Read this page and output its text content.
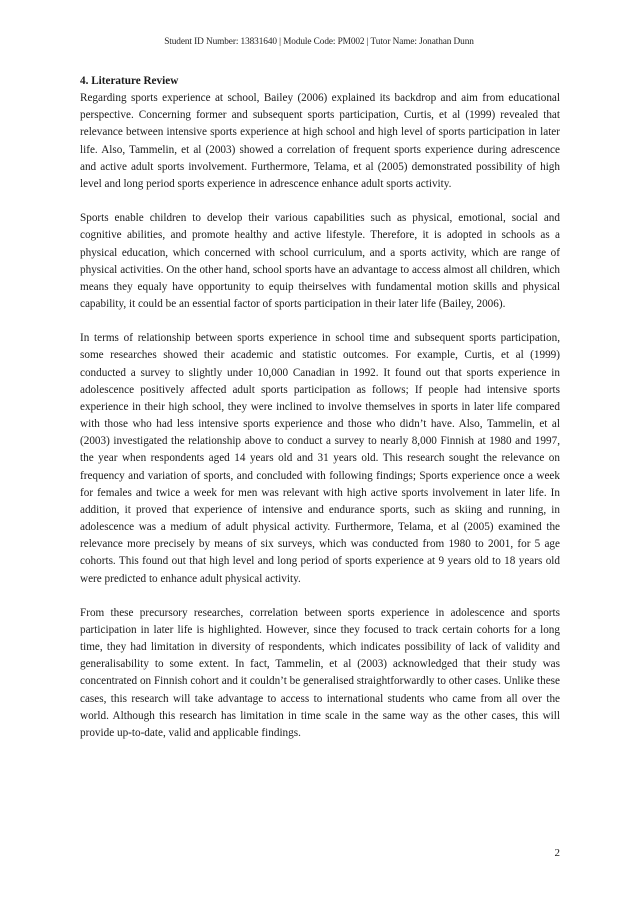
Student ID Number: 13831640 | Module Code: PM002 | Tutor Name: Jonathan Dunn

4. Literature Review

Regarding sports experience at school, Bailey (2006) explained its backdrop and aim from educational perspective. Concerning former and subsequent sports participation, Curtis, et al (1999) revealed that relevance between intensive sports experience at high school and high level of sports participation in later life. Also, Tammelin, et al (2003) showed a correlation of frequent sports experience during adrescence and active adult sports involvement. Furthermore, Telama, et al (2005) demonstrated possibility of high level and long period sports experience in adrescence enhance adult sports activity.

Sports enable children to develop their various capabilities such as physical, emotional, social and cognitive abilities, and promote healthy and active lifestyle. Therefore, it is adopted in schools as a physical education, which concerned with school curriculum, and a sports activity, which are range of physical activities. On the other hand, school sports have an advantage to access almost all children, which means they equaly have opportunity to equip theirselves with fundamental motion skills and physical capability, it could be an essential factor of sports participation in their later life (Bailey, 2006).

In terms of relationship between sports experience in school time and subsequent sports participation, some researches showed their academic and statistic outcomes. For example, Curtis, et al (1999) conducted a survey to slightly under 10,000 Canadian in 1992. It found out that sports experience in adolescence positively affected adult sports participation as follows; If people had intensive sports experience in their high school, they were inclined to involve themselves in sports in later life compared with those who had less intensive sports experience and those who didn’t have. Also, Tammelin, et al (2003) investigated the relationship above to conduct a survey to nearly 8,000 Finnish at 1980 and 1997, the year when respondents aged 14 years old and 31 years old. This research sought the relevance on frequency and variation of sports, and concluded with following findings; Sports experience once a week for females and twice a week for men was relevant with high active sports involvement in later life. In addition, it proved that experience of intensive and endurance sports, such as skiing and running, in adolescence was a medium of adult physical activity. Furthermore, Telama, et al (2005) examined the relevance more precisely by means of six surveys, which was conducted from 1980 to 2001, for 5 age cohorts. This found out that high level and long period of sports experience at 9 years old to 18 years old were predicted to enhance adult physical activity.

From these precursory researches, correlation between sports experience in adolescence and sports participation in later life is highlighted. However, since they focused to track certain cohorts for a long time, they had limitation in diversity of respondents, which indicates possibility of lack of validity and generalisability to some extent. In fact, Tammelin, et al (2003) acknowledged that their study was concentrated on Finnish cohort and it couldn’t be generalised straightforwardly to other cases. Unlike these cases, this research will take advantage to access to international students who came from all over the world. Although this research has limitation in time scale in the same way as the other cases, this will provide up-to-date, valid and applicable findings.

2
